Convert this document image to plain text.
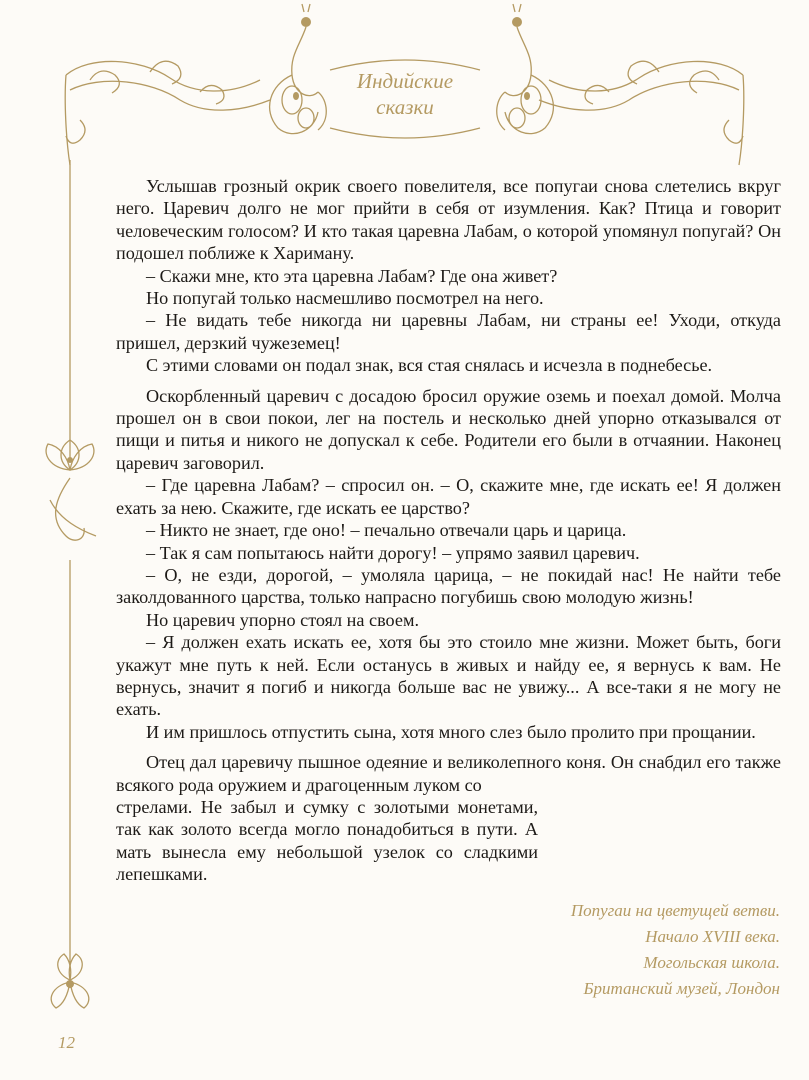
Индийские
сказки

Услышав грозный окрик своего повелителя, все попугаи снова слетелись вкруг него. Царевич долго не мог прийти в себя от изумления. Как? Птица и говорит человеческим голосом? И кто такая царевна Лабам, о которой упомянул попугай? Он подошел поближе к Хариману.

– Скажи мне, кто эта царевна Лабам? Где она живет?

Но попугай только насмешливо посмотрел на него.

– Не видать тебе никогда ни царевны Лабам, ни страны ее! Уходи, откуда пришел, дерзкий чужеземец!

С этими словами он подал знак, вся стая снялась и исчезла в поднебесье.

Оскорбленный царевич с досадою бросил оружие оземь и поехал домой. Молча прошел он в свои покои, лег на постель и несколько дней упорно отказывался от пищи и питья и никого не допускал к себе. Родители его были в отчаянии. Наконец царевич заговорил.

– Где царевна Лабам? – спросил он. – О, скажите мне, где искать ее! Я должен ехать за нею. Скажите, где искать ее царство?

– Никто не знает, где оно! – печально отвечали царь и царица.

– Так я сам попытаюсь найти дорогу! – упрямо заявил царевич.

– О, не езди, дорогой, – умоляла царица, – не покидай нас! Не найти тебе заколдованного царства, только напрасно погубишь свою молодую жизнь!

Но царевич упорно стоял на своем.

– Я должен ехать искать ее, хотя бы это стоило мне жизни. Может быть, боги укажут мне путь к ней. Если останусь в живых и найду ее, я вернусь к вам. Не вернусь, значит я погиб и никогда больше вас не увижу... А все-таки я не могу не ехать.

И им пришлось отпустить сына, хотя много слез было пролито при прощании.

Отец дал царевичу пышное одеяние и великолепного коня. Он снабдил его также всякого рода оружием и драгоценным луком со

стрелами. Не забыл и сумку с золотыми монетами, так как золото всегда могло понадобиться в пути. А мать вынесла ему небольшой узелок со сладкими лепешками.

Попугаи на цветущей ветви.
Начало XVIII века.
Могольская школа.
Британский музей, Лондон
12
